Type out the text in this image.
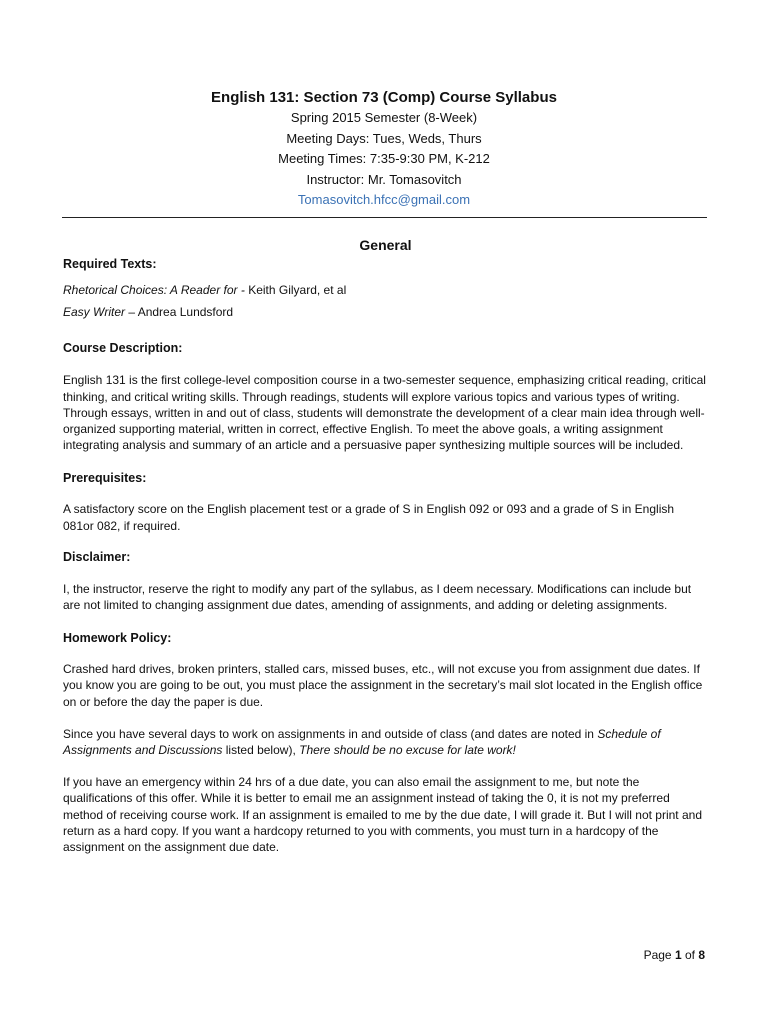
English 131: Section 73 (Comp) Course Syllabus
Spring 2015 Semester (8-Week)
Meeting Days: Tues, Weds, Thurs
Meeting Times: 7:35-9:30 PM, K-212
Instructor: Mr. Tomasovitch
Tomasovitch.hfcc@gmail.com
General
Required Texts:

Rhetorical Choices: A Reader for - Keith Gilyard, et al

Easy Writer – Andrea Lundsford

Course Description:

English 131 is the first college-level composition course in a two-semester sequence, emphasizing critical reading, critical thinking, and critical writing skills. Through readings, students will explore various topics and various types of writing. Through essays, written in and out of class, students will demonstrate the development of a clear main idea through well- organized supporting material, written in correct, effective English. To meet the above goals, a writing assignment integrating analysis and summary of an article and a persuasive paper synthesizing multiple sources will be included.

Prerequisites:

A satisfactory score on the English placement test or a grade of S in English 092 or 093 and a grade of S in English 081or 082, if required.

Disclaimer:

I, the instructor, reserve the right to modify any part of the syllabus, as I deem necessary. Modifications can include but are not limited to changing assignment due dates, amending of assignments, and adding or deleting assignments.

Homework Policy:

Crashed hard drives, broken printers, stalled cars, missed buses, etc., will not excuse you from assignment due dates. If you know you are going to be out, you must place the assignment in the secretary’s mail slot located in the English office on or before the day the paper is due.

Since you have several days to work on assignments in and outside of class (and dates are noted in Schedule of Assignments and Discussions listed below), There should be no excuse for late work!

If you have an emergency within 24 hrs of a due date, you can also email the assignment to me, but note the qualifications of this offer. While it is better to email me an assignment instead of taking the 0, it is not my preferred method of receiving course work. If an assignment is emailed to me by the due date, I will grade it. But I will not print and return as a hard copy. If you want a hardcopy returned to you with comments, you must turn in a hardcopy of the assignment on the assignment due date.

Page 1 of 8
